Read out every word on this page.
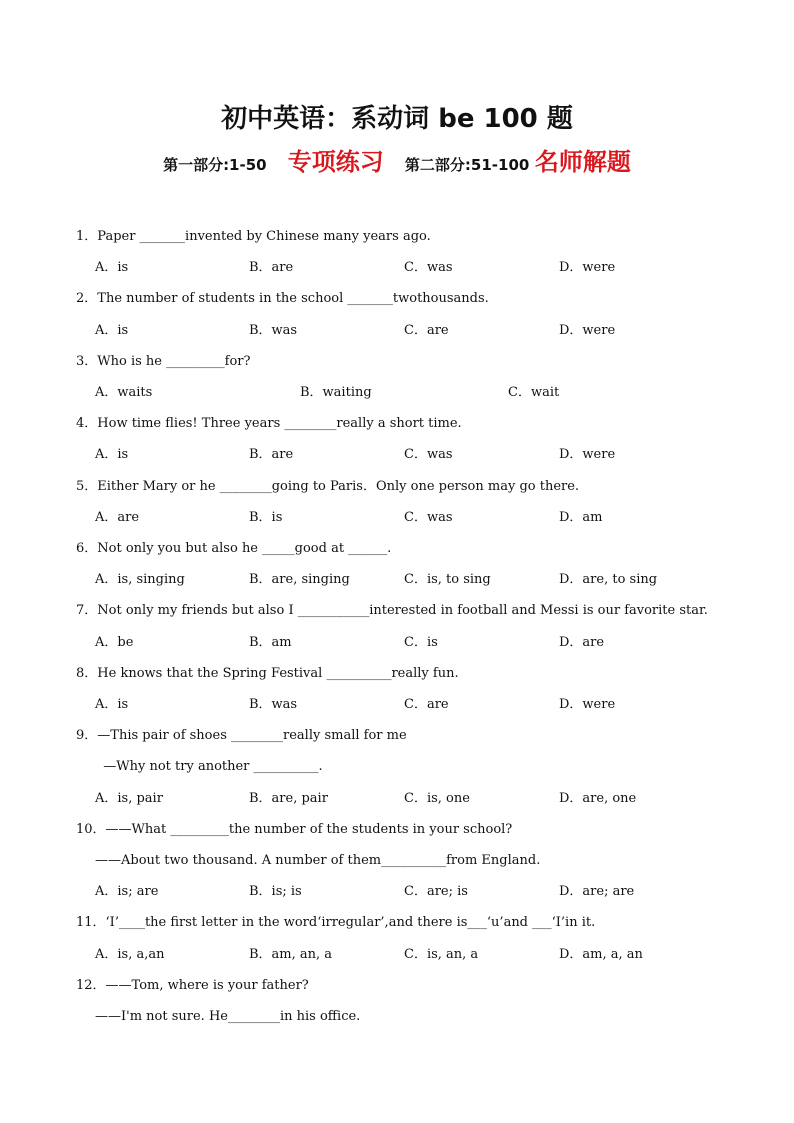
初中英语：系动词 be 100 题
第一部分:1-50 专项练习 第二部分:51-100 名师解题
1．Paper _______invented by Chinese many years ago.
A．is	B．are	C．was	D．were
2．The number of students in the school _______twothousands.
A．is	B．was	C．are	D．were
3．Who is he _________for?
A．waits	B．waiting	C．wait
4．How time flies! Three years ________really a short time.
A．is	B．are	C．was	D．were
5．Either Mary or he ________going to Paris．Only one person may go there.
A．are	B．is	C．was	D．am
6．Not only you but also he _____good at ______.
A．is, singing	B．are, singing	C．is, to sing	D．are, to sing
7．Not only my friends but also I ___________interested in football and Messi is our favorite star.
A．be	B．am	C．is	D．are
8．He knows that the Spring Festival __________really fun.
A．is	B．was	C．are	D．were
9．—This pair of shoes ________really small for me
—Why not try another __________.
A．is, pair	B．are, pair	C．is, one	D．are, one
10．——What _________the number of the students in your school?
——About two thousand. A number of them__________from England.
A．is; are	B．is; is	C．are; is	D．are; are
11．‘I’____the first letter in the word‘irregular’,and there is___‘u’and ___‘I’in it.
A．is, a,an	B．am, an, a	C．is, an, a	D．am, a, an
12．——Tom, where is your father?
——I'm not sure. He________in his office.
